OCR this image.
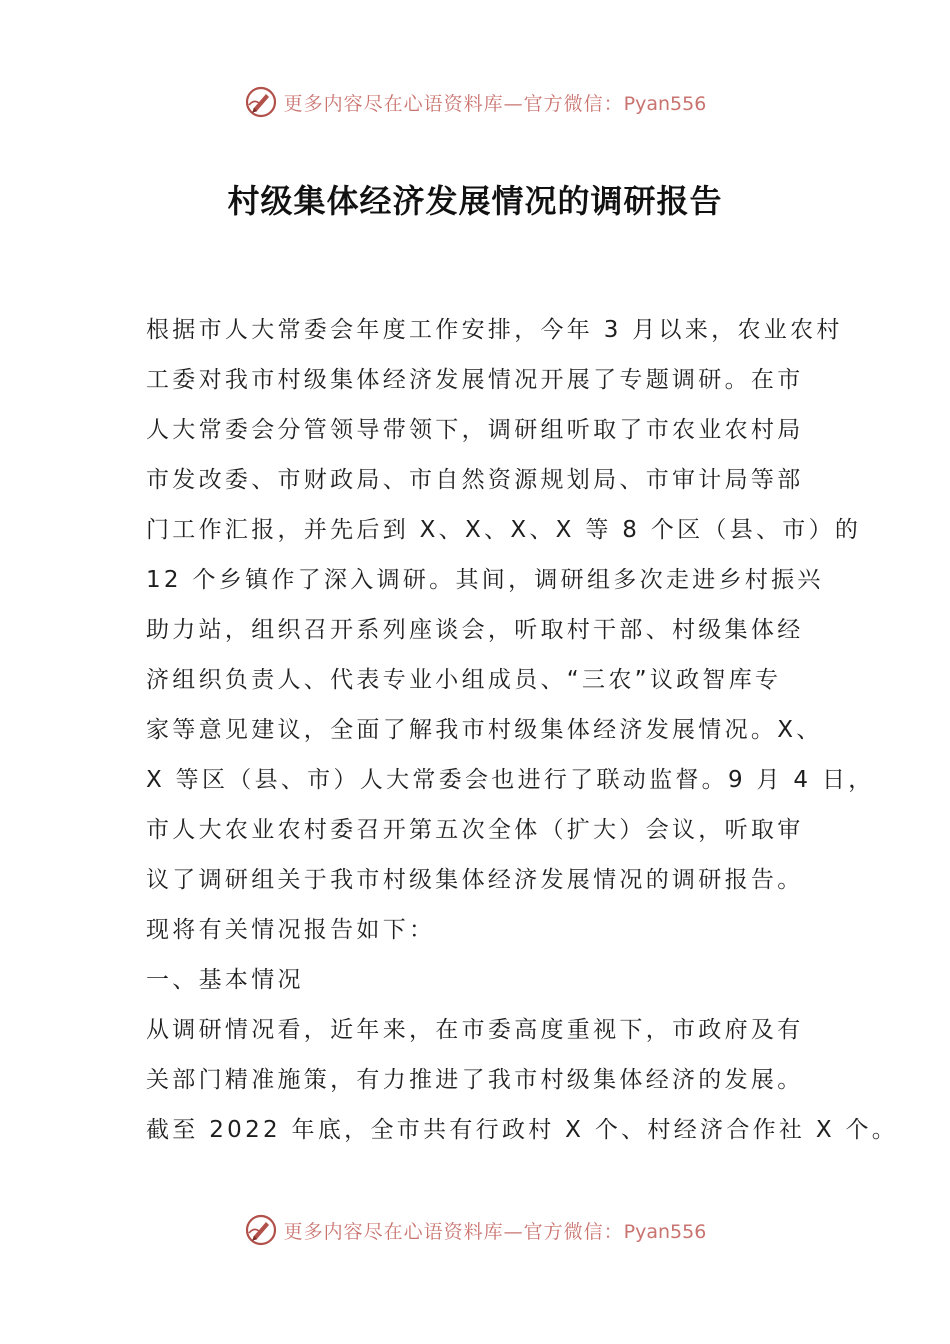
更多内容尽在心语资料库—官方微信：Pyan556
村级集体经济发展情况的调研报告
根据市人大常委会年度工作安排，今年 3 月以来，农业农村
工委对我市村级集体经济发展情况开展了专题调研。在市
人大常委会分管领导带领下，调研组听取了市农业农村局
市发改委、市财政局、市自然资源规划局、市审计局等部
门工作汇报，并先后到 X、X、X、X 等 8 个区（县、市）的
12 个乡镇作了深入调研。其间，调研组多次走进乡村振兴
助力站，组织召开系列座谈会，听取村干部、村级集体经
济组织负责人、代表专业小组成员、“三农”议政智库专
家等意见建议，全面了解我市村级集体经济发展情况。X、
X 等区（县、市）人大常委会也进行了联动监督。9 月 4 日，
市人大农业农村委召开第五次全体（扩大）会议，听取审
议了调研组关于我市村级集体经济发展情况的调研报告。
现将有关情况报告如下：
一、基本情况
从调研情况看，近年来，在市委高度重视下，市政府及有
关部门精准施策，有力推进了我市村级集体经济的发展。
截至 2022 年底，全市共有行政村 X 个、村经济合作社 X 个。
更多内容尽在心语资料库—官方微信：Pyan556
